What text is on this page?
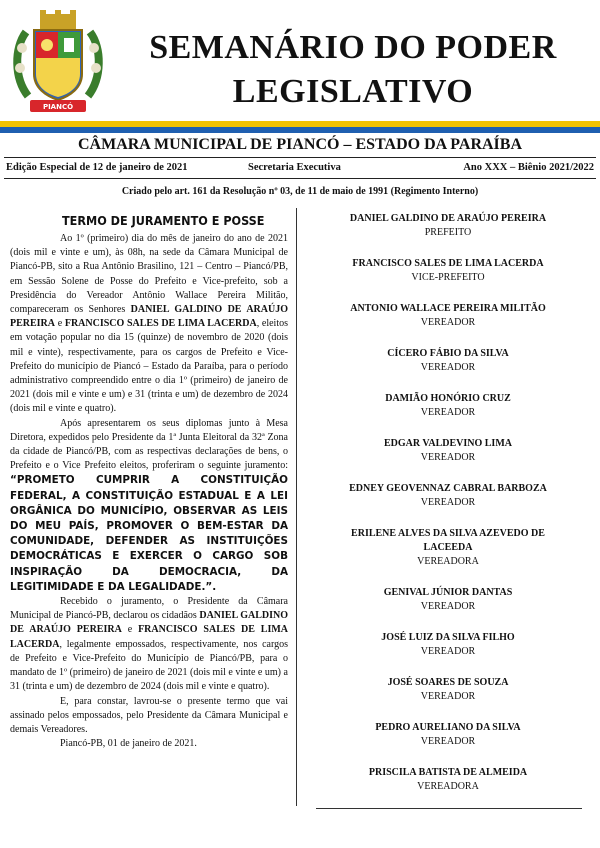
PIANCÓ
SEMANÁRIO DO PODER
LEGISLATIVO
CÂMARA MUNICIPAL DE PIANCÓ – ESTADO DA PARAÍBA
Edição Especial de 12 de janeiro de 2021	Secretaria Executiva	Ano XXX – Biênio 2021/2022
Criado pelo art. 161 da Resolução nº 03, de 11 de maio de 1991 (Regimento Interno)
TERMO DE JURAMENTO E POSSE

Ao 1º (primeiro) dia do mês de janeiro do ano de 2021 (dois mil e vinte e um), às 08h, na sede da Câmara Municipal de Piancó-PB, sito a Rua Antônio Brasilino, 121 – Centro – Piancó/PB, em Sessão Solene de Posse do Prefeito e Vice-prefeito, sob a Presidência do Vereador Antônio Wallace Pereira Militão, compareceram os Senhores DANIEL GALDINO DE ARAÚJO PEREIRA e FRANCISCO SALES DE LIMA LACERDA, eleitos em votação popular no dia 15 (quinze) de novembro de 2020 (dois mil e vinte), respectivamente, para os cargos de Prefeito e Vice-Prefeito do município de Piancó – Estado da Paraíba, para o período administrativo compreendido entre o dia 1º (primeiro) de janeiro de 2021 (dois mil e vinte e um) e 31 (trinta e um) de dezembro de 2024 (dois mil e vinte e quatro).

Após apresentarem os seus diplomas junto à Mesa Diretora, expedidos pelo Presidente da 1ª Junta Eleitoral da 32ª Zona da cidade de Piancó/PB, com as respectivas declarações de bens, o Prefeito e o Vice Prefeito eleitos, proferiram o seguinte juramento: “PROMETO CUMPRIR A CONSTITUIÇÃO FEDERAL, A CONSTITUIÇÃO ESTADUAL E A LEI ORGÂNICA DO MUNICÍPIO, OBSERVAR AS LEIS DO MEU PAÍS, PROMOVER O BEM-ESTAR DA COMUNIDADE, DEFENDER AS INSTITUIÇÕES DEMOCRÁTICAS E EXERCER O CARGO SOB INSPIRAÇÃO DA DEMOCRACIA, DA LEGITIMIDADE E DA LEGALIDADE.”.

Recebido o juramento, o Presidente da Câmara Municipal de Piancó-PB, declarou os cidadãos DANIEL GALDINO DE ARAÚJO PEREIRA e FRANCISCO SALES DE LIMA LACERDA, legalmente empossados, respectivamente, nos cargos de Prefeito e Vice-Prefeito do Município de Piancó/PB, para o mandato de 1º (primeiro) de janeiro de 2021 (dois mil e vinte e um) a 31 (trinta e um) de dezembro de 2024 (dois mil e vinte e quatro).

E, para constar, lavrou-se o presente termo que vai assinado pelos empossados, pelo Presidente da Câmara Municipal e demais Vereadores.

Piancó-PB, 01 de janeiro de 2021.

DANIEL GALDINO DE ARAÚJO PEREIRA
PREFEITO
FRANCISCO SALES DE LIMA LACERDA
VICE-PREFEITO
ANTONIO WALLACE PEREIRA MILITÃO
VEREADOR
CÍCERO FÁBIO DA SILVA
VEREADOR
DAMIÃO HONÓRIO CRUZ
VEREADOR
EDGAR VALDEVINO LIMA
VEREADOR
EDNEY GEOVENNAZ CABRAL BARBOZA
VEREADOR
ERILENE ALVES DA SILVA AZEVEDO DE LACEEDA
VEREADORA
GENIVAL JÚNIOR DANTAS
VEREADOR
JOSÉ LUIZ DA SILVA FILHO
VEREADOR
JOSÉ SOARES DE SOUZA
VEREADOR
PEDRO AURELIANO DA SILVA
VEREADOR
PRISCILA BATISTA DE ALMEIDA
VEREADORA
